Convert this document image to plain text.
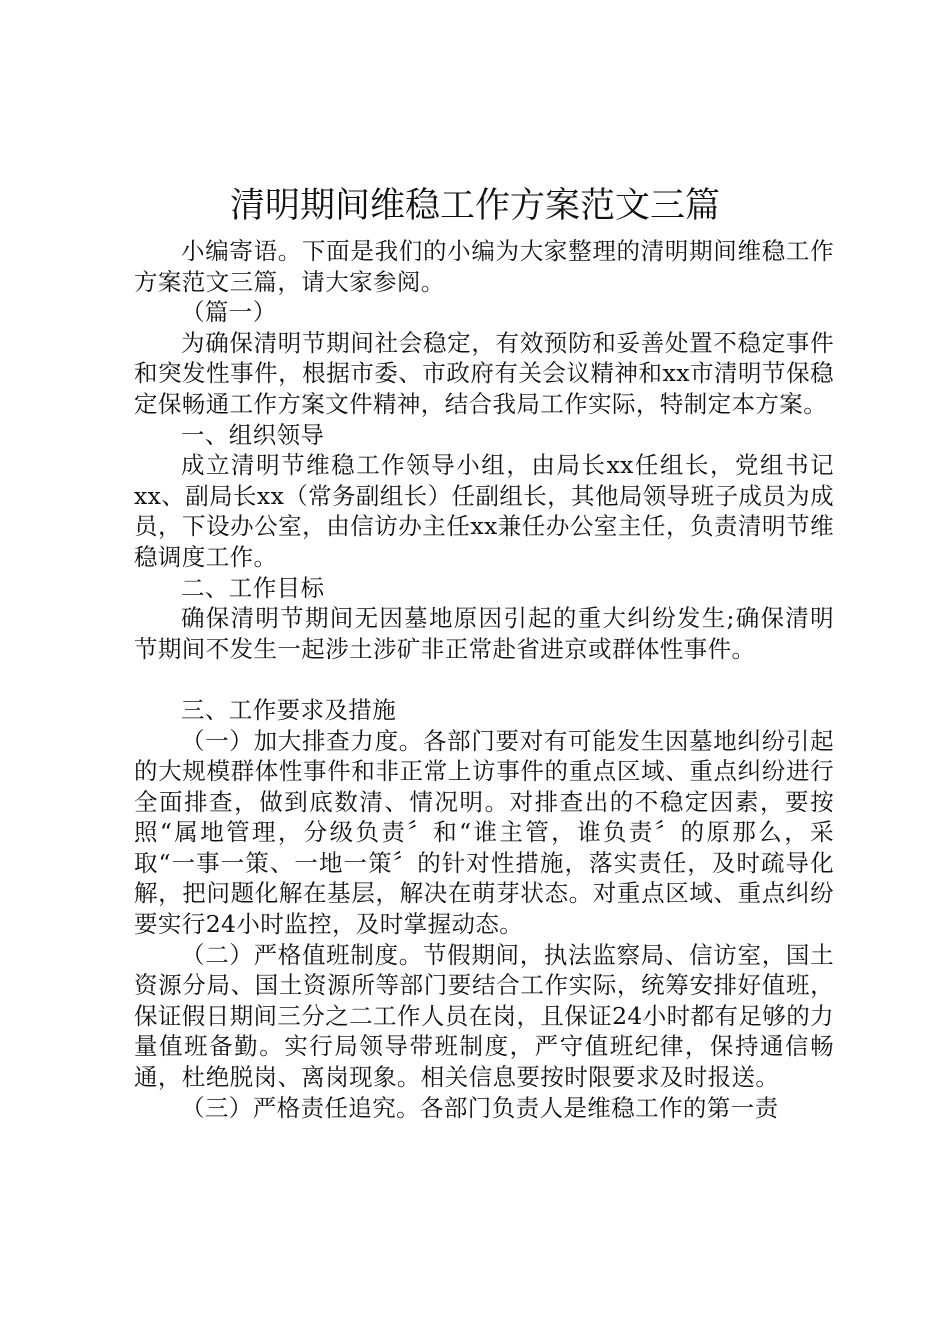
清明期间维稳工作方案范文三篇

小编寄语。下面是我们的小编为大家整理的清明期间维稳工作方案范文三篇，请大家参阅。

（篇一）

为确保清明节期间社会稳定，有效预防和妥善处置不稳定事件和突发性事件，根据市委、市政府有关会议精神和xx市清明节保稳定保畅通工作方案文件精神，结合我局工作实际，特制定本方案。

一、组织领导

成立清明节维稳工作领导小组，由局长xx任组长，党组书记xx、副局长xx（常务副组长）任副组长，其他局领导班子成员为成员，下设办公室，由信访办主任xx兼任办公室主任，负责清明节维稳调度工作。

二、工作目标

确保清明节期间无因墓地原因引起的重大纠纷发生;确保清明节期间不发生一起涉土涉矿非正常赴省进京或群体性事件。

三、工作要求及措施

（一）加大排查力度。各部门要对有可能发生因墓地纠纷引起的大规模群体性事件和非正常上访事件的重点区域、重点纠纷进行全面排查，做到底数清、情况明。对排查出的不稳定因素，要按照“属地管理，分级负责〞和“谁主管，谁负责〞的原那么，采取“一事一策、一地一策〞的针对性措施，落实责任，及时疏导化解，把问题化解在基层，解决在萌芽状态。对重点区域、重点纠纷要实行24小时监控，及时掌握动态。

（二）严格值班制度。节假期间，执法监察局、信访室，国土资源分局、国土资源所等部门要结合工作实际，统筹安排好值班，保证假日期间三分之二工作人员在岗，且保证24小时都有足够的力量值班备勤。实行局领导带班制度，严守值班纪律，保持通信畅通，杜绝脱岗、离岗现象。相关信息要按时限要求及时报送。

（三）严格责任追究。各部门负责人是维稳工作的第一责
